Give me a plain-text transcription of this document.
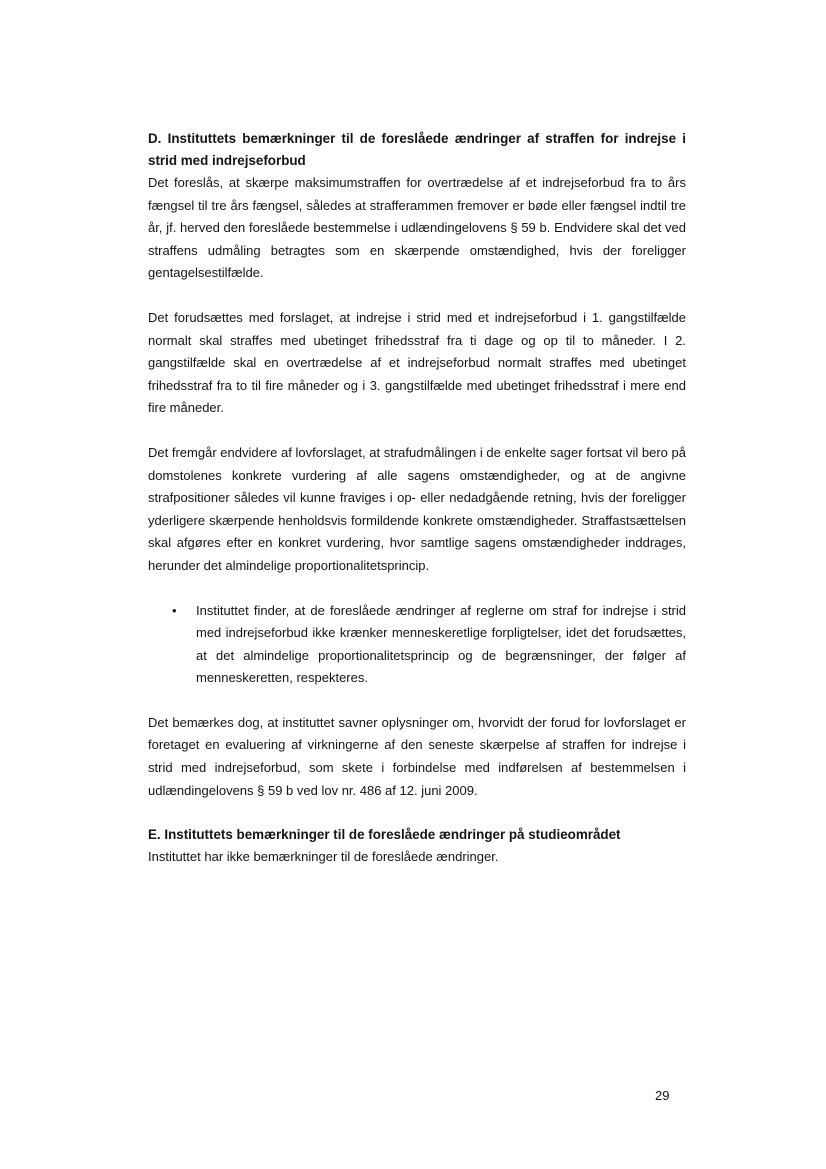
D. Instituttets bemærkninger til de foreslåede ændringer af straffen for indrejse i strid med indrejseforbud

Det foreslås, at skærpe maksimumstraffen for overtrædelse af et indrejseforbud fra to års fængsel til tre års fængsel, således at strafferammen fremover er bøde eller fængsel indtil tre år, jf. herved den foreslåede bestemmelse i udlændingelovens § 59 b. Endvidere skal det ved straffens udmåling betragtes som en skærpende omstændighed, hvis der foreligger gentagelsestilfælde.

Det forudsættes med forslaget, at indrejse i strid med et indrejseforbud i 1. gangstilfælde normalt skal straffes med ubetinget frihedsstraf fra ti dage og op til to måneder. I 2. gangstilfælde skal en overtrædelse af et indrejseforbud normalt straffes med ubetinget frihedsstraf fra to til fire måneder og i 3. gangstilfælde med ubetinget frihedsstraf i mere end fire måneder.

Det fremgår endvidere af lovforslaget, at strafudmålingen i de enkelte sager fortsat vil bero på domstolenes konkrete vurdering af alle sagens omstændigheder, og at de angivne strafpositioner således vil kunne fraviges i op- eller nedadgående retning, hvis der foreligger yderligere skærpende henholdsvis formildende konkrete omstændigheder. Straffastsættelsen skal afgøres efter en konkret vurdering, hvor samtlige sagens omstændigheder inddrages, herunder det almindelige proportionalitetsprincip.

• Instituttet finder, at de foreslåede ændringer af reglerne om straf for indrejse i strid med indrejseforbud ikke krænker menneskeretlige forpligtelser, idet det forudsættes, at det almindelige proportionalitetsprincip og de begrænsninger, der følger af menneskeretten, respekteres.

Det bemærkes dog, at instituttet savner oplysninger om, hvorvidt der forud for lovforslaget er foretaget en evaluering af virkningerne af den seneste skærpelse af straffen for indrejse i strid med indrejseforbud, som skete i forbindelse med indførelsen af bestemmelsen i udlændingelovens § 59 b ved lov nr. 486 af 12. juni 2009.

E. Instituttets bemærkninger til de foreslåede ændringer på studieområdet

Instituttet har ikke bemærkninger til de foreslåede ændringer.

29
